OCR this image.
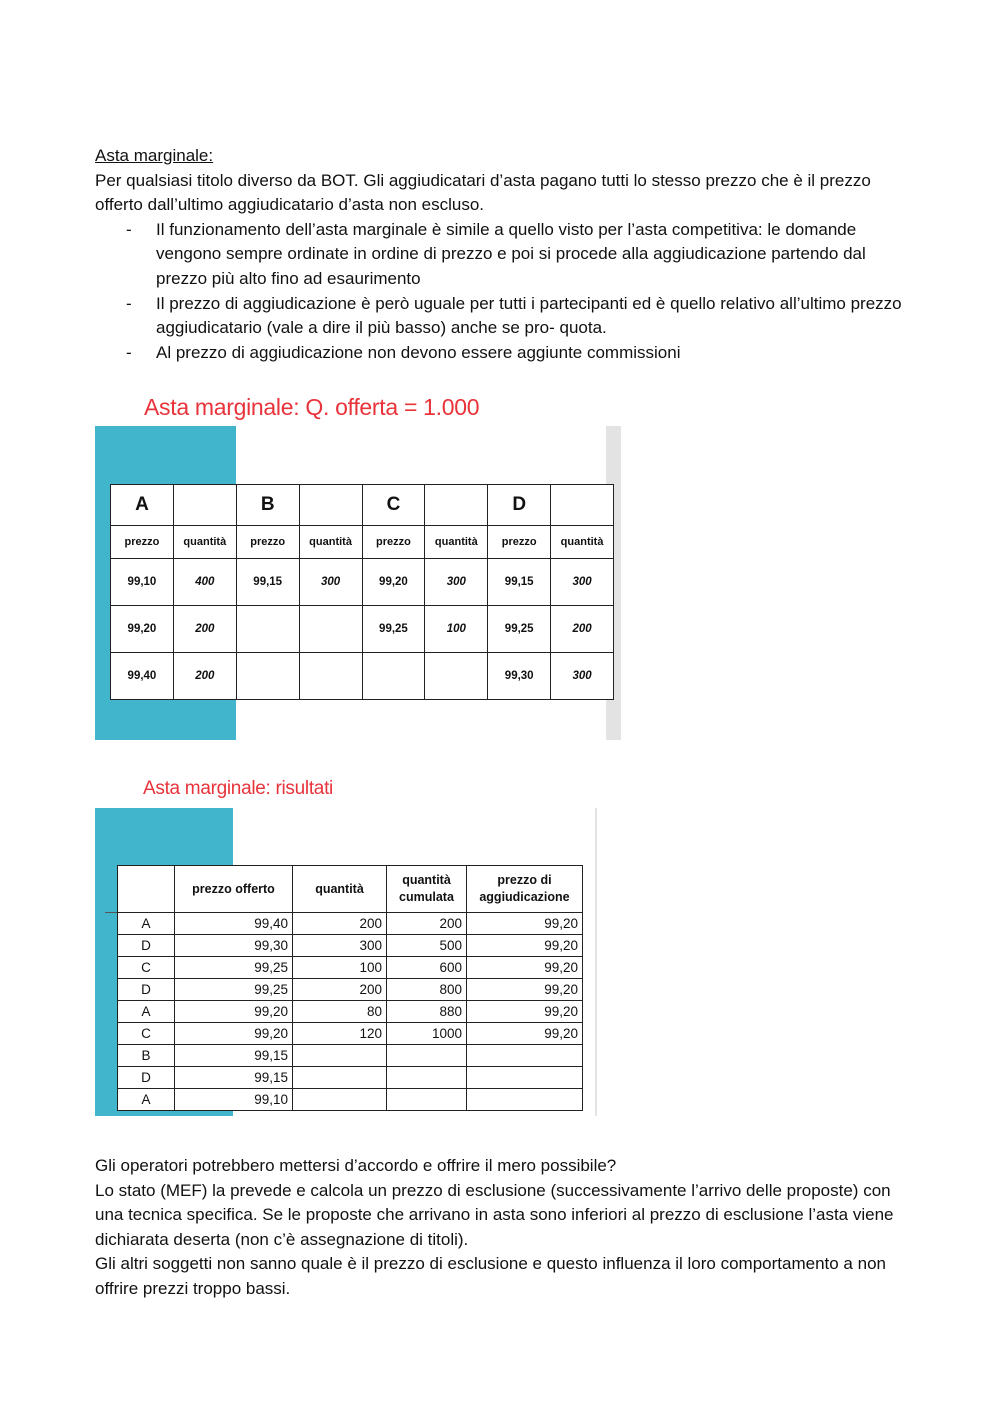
Asta marginale:
Per qualsiasi titolo diverso da BOT. Gli aggiudicatari d’asta pagano tutti lo stesso prezzo che è il prezzo offerto dall’ultimo aggiudicatario d’asta non escluso.
- Il funzionamento dell’asta marginale è simile a quello visto per l’asta competitiva: le domande vengono sempre ordinate in ordine di prezzo e poi si procede alla aggiudicazione partendo dal prezzo più alto fino ad esaurimento
- Il prezzo di aggiudicazione è però uguale per tutti i partecipanti ed è quello relativo all’ultimo prezzo aggiudicatario (vale a dire il più basso) anche se pro- quota.
- Al prezzo di aggiudicazione non devono essere aggiunte commissioni
Asta marginale: Q. offerta = 1.000
A		B		C		D	
prezzo	quantità	prezzo	quantità	prezzo	quantità	prezzo	quantità
99,10	400	99,15	300	99,20	300	99,15	300
99,20	200			99,25	100	99,25	200
99,40	200					99,30	300
Asta marginale: risultati
	prezzo offerto	quantità	quantità cumulata	prezzo di aggiudicazione
A	99,40	200	200	99,20
D	99,30	300	500	99,20
C	99,25	100	600	99,20
D	99,25	200	800	99,20
A	99,20	80	880	99,20
C	99,20	120	1000	99,20
B	99,15			
D	99,15			
A	99,10			
Gli operatori potrebbero mettersi d’accordo e offrire il mero possibile?
Lo stato (MEF) la prevede e calcola un prezzo di esclusione (successivamente l’arrivo delle proposte) con una tecnica specifica. Se le proposte che arrivano in asta sono inferiori al prezzo di esclusione l’asta viene dichiarata deserta (non c’è assegnazione di titoli).
Gli altri soggetti non sanno quale è il prezzo di esclusione e questo influenza il loro comportamento a non offrire prezzi troppo bassi.
